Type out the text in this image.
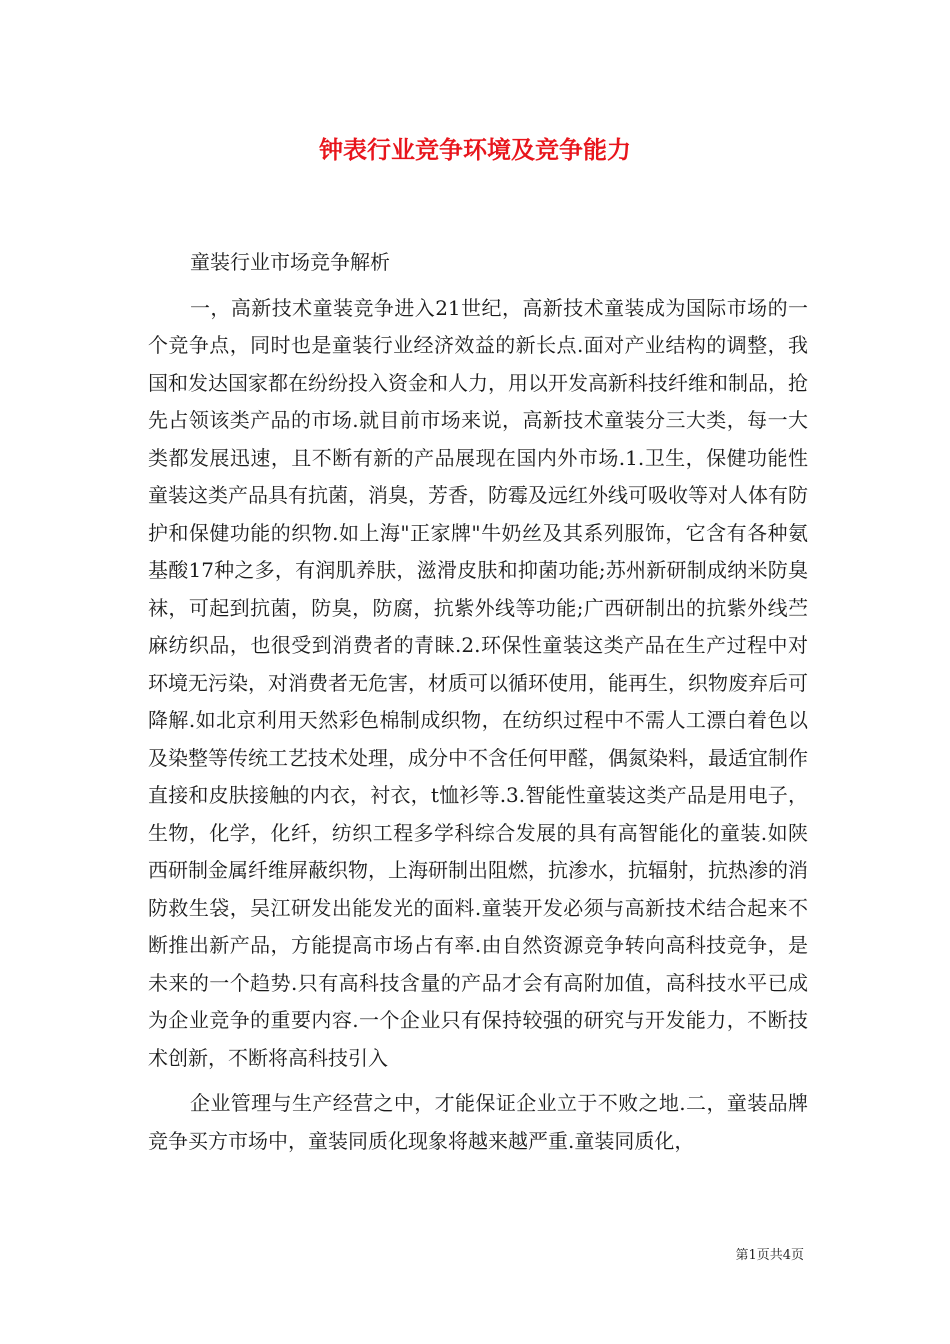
钟表行业竞争环境及竞争能力

童装行业市场竞争解析

一，高新技术童装竞争进入21世纪，高新技术童装成为国际市场的一个竞争点，同时也是童装行业经济效益的新长点.面对产业结构的调整，我国和发达国家都在纷纷投入资金和人力，用以开发高新科技纤维和制品，抢先占领该类产品的市场.就目前市场来说，高新技术童装分三大类，每一大类都发展迅速，且不断有新的产品展现在国内外市场.1.卫生，保健功能性童装这类产品具有抗菌，消臭，芳香，防霉及远红外线可吸收等对人体有防护和保健功能的织物.如上海"正家牌"牛奶丝及其系列服饰，它含有各种氨基酸17种之多，有润肌养肤，滋滑皮肤和抑菌功能;苏州新研制成纳米防臭袜，可起到抗菌，防臭，防腐，抗紫外线等功能;广西研制出的抗紫外线苎麻纺织品，也很受到消费者的青睐.2.环保性童装这类产品在生产过程中对环境无污染，对消费者无危害，材质可以循环使用，能再生，织物废弃后可降解.如北京利用天然彩色棉制成织物，在纺织过程中不需人工漂白着色以及染整等传统工艺技术处理，成分中不含任何甲醛，偶氮染料，最适宜制作直接和皮肤接触的内衣，衬衣，t恤衫等.3.智能性童装这类产品是用电子，生物，化学，化纤，纺织工程多学科综合发展的具有高智能化的童装.如陕西研制金属纤维屏蔽织物，上海研制出阻燃，抗渗水，抗辐射，抗热渗的消防救生袋，吴江研发出能发光的面料.童装开发必须与高新技术结合起来不断推出新产品，方能提高市场占有率.由自然资源竞争转向高科技竞争，是未来的一个趋势.只有高科技含量的产品才会有高附加值，高科技水平已成为企业竞争的重要内容.一个企业只有保持较强的研究与开发能力，不断技术创新，不断将高科技引入

企业管理与生产经营之中，才能保证企业立于不败之地.二，童装品牌竞争买方市场中，童装同质化现象将越来越严重.童装同质化，

第1页共4页
